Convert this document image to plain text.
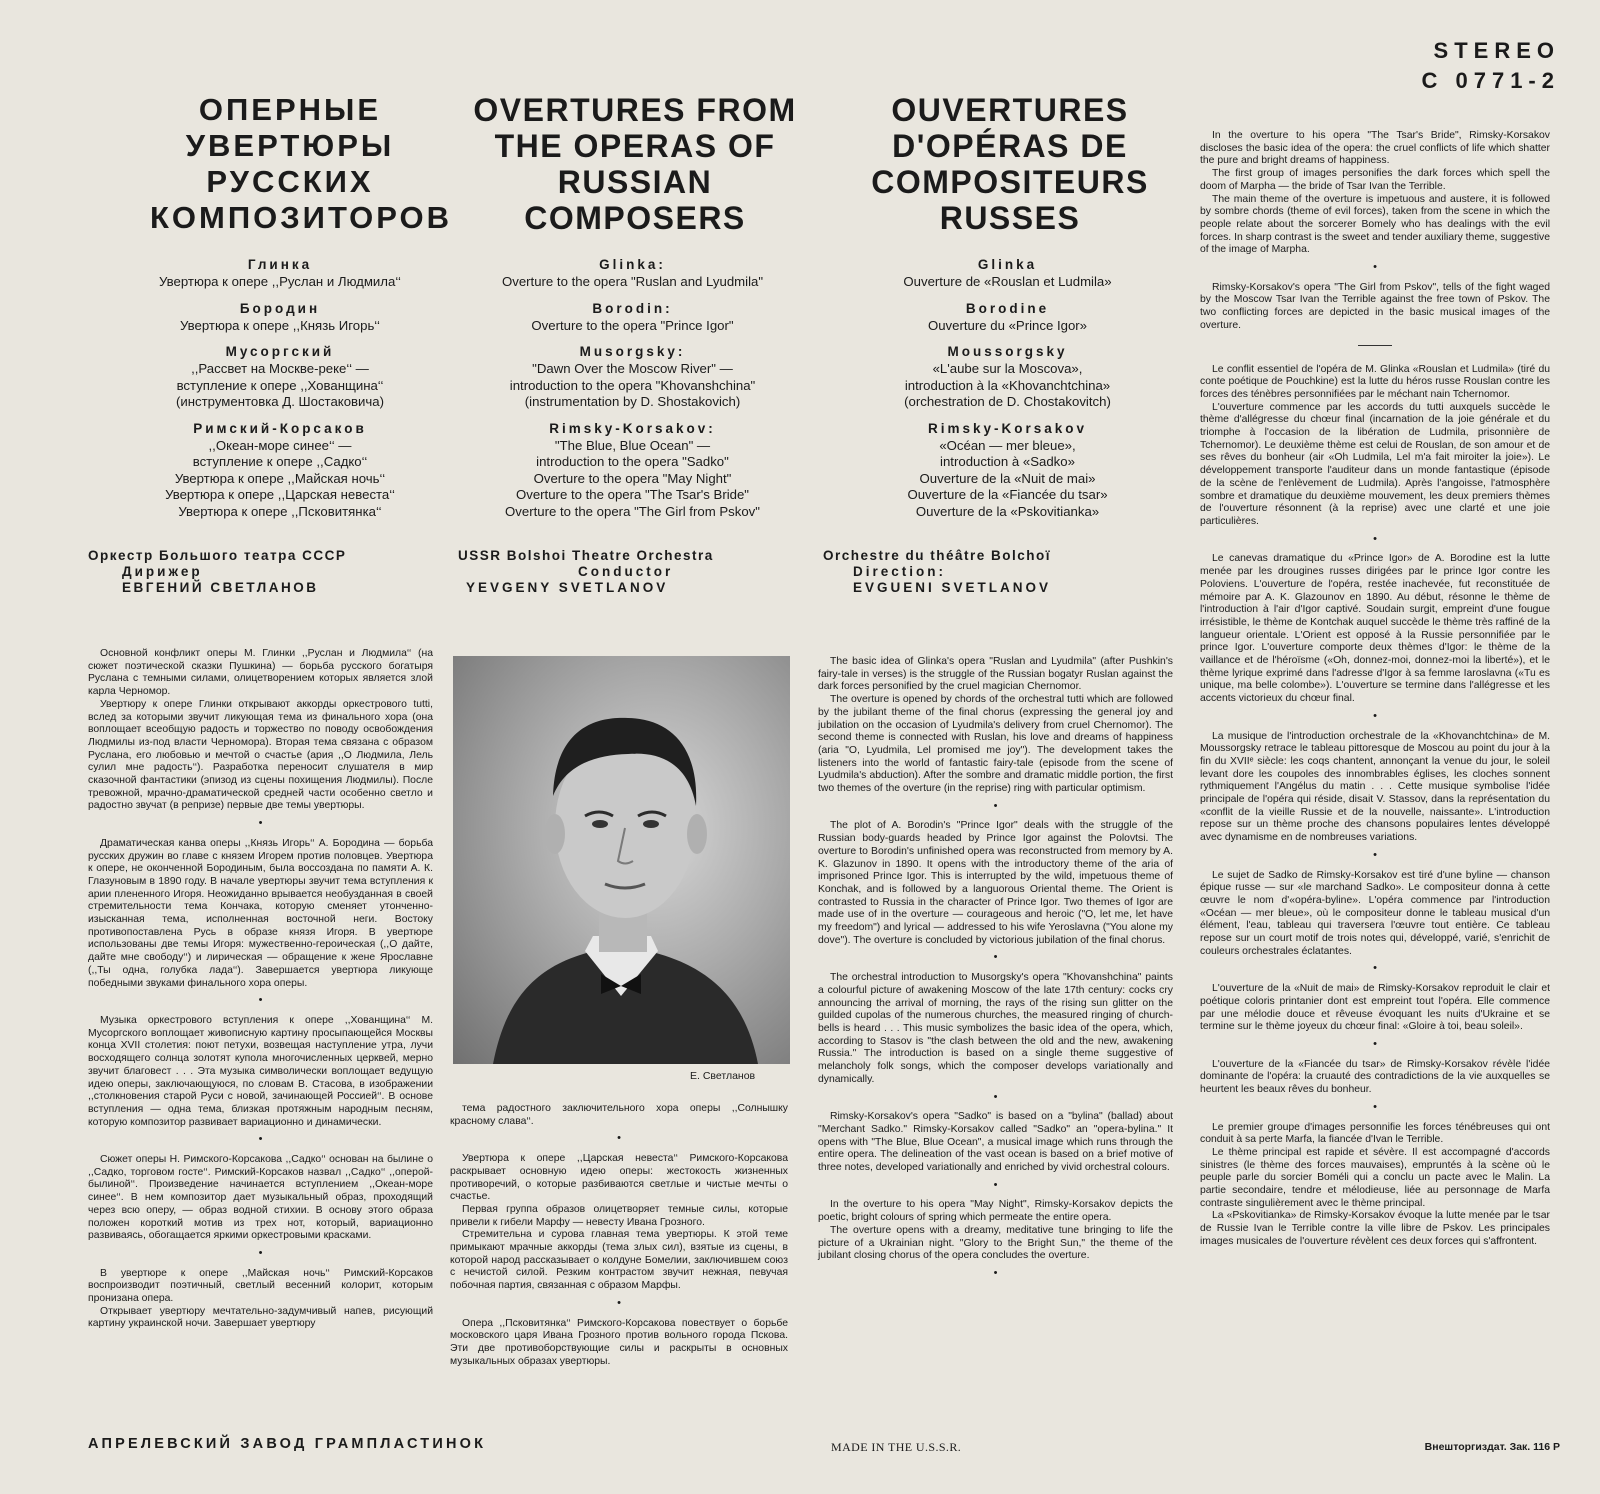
STEREO
C 0771-2
ОПЕРНЫЕ УВЕРТЮРЫ РУССКИХ КОМПОЗИТОРОВ
OVERTURES FROM THE OPERAS OF RUSSIAN COMPOSERS
OUVERTURES D'OPÉRAS DE COMPOSITEURS RUSSES
Глинка
Увертюра к опере ,,Руслан и Людмила‘‘
Бородин
Увертюра к опере ,,Князь Игорь‘‘
Мусоргский
,,Рассвет на Москве-реке‘‘ —
вступление к опере ,,Хованщина‘‘
(инструментовка Д. Шостаковича)
Римский-Корсаков
,,Океан-море синее‘‘ —
вступление к опере ,,Садко‘‘
Увертюра к опере ,,Майская ночь‘‘
Увертюра к опере ,,Царская невеста‘‘
Увертюра к опере ,,Псковитянка‘‘
Glinka:
Overture to the opera "Ruslan and Lyudmila"
Borodin:
Overture to the opera "Prince Igor"
Musorgsky:
"Dawn Over the Moscow River" —
introduction to the opera "Khovanshchina"
(instrumentation by D. Shostakovich)
Rimsky-Korsakov:
"The Blue, Blue Ocean" —
introduction to the opera "Sadko"
Overture to the opera "May Night"
Overture to the opera "The Tsar's Bride"
Overture to the opera "The Girl from Pskov"
Glinka
Ouverture de «Rouslan et Ludmila»
Borodine
Ouverture du «Prince Igor»
Moussorgsky
«L'aube sur la Moscova»,
introduction à la «Khovanchtchina»
(orchestration de D. Chostakovitch)
Rimsky-Korsakov
«Océan — mer bleue»,
introduction à «Sadko»
Ouverture de la «Nuit de mai»
Ouverture de la «Fiancée du tsar»
Ouverture de la «Pskovitianka»
Оркестр Большого театра СССР
Дирижер
ЕВГЕНИЙ СВЕТЛАНОВ
USSR Bolshoi Theatre Orchestra
Conductor
YEVGENY SVETLANOV
Orchestre du théâtre Bolchoï
Direction:
EVGUENI SVETLANOV

Основной конфликт оперы М. Глинки ,,Руслан и Людмила‘‘ (на сюжет поэтической сказки Пушкина) — борьба русского богатыря Руслана с темными силами, олицетворением которых является злой карла Черномор.

Увертюру к опере Глинки открывают аккорды оркестрового tutti, вслед за которыми звучит ликующая тема из финального хора (она воплощает всеобщую радость и торжество по поводу освобождения Людмилы из-под власти Черномора). Вторая тема связана с образом Руслана, его любовью и мечтой о счастье (ария ,,О Людмила, Лель сулил мне радость‘‘). Разработка переносит слушателя в мир сказочной фантастики (эпизод из сцены похищения Людмилы). После тревожной, мрачно-драматической средней части особенно светло и радостно звучат (в репризе) первые две темы увертюры.

•

Драматическая канва оперы ,,Князь Игорь‘‘ А. Бородина — борьба русских дружин во главе с князем Игорем против половцев. Увертюра к опере, не оконченной Бородиным, была воссоздана по памяти А. К. Глазуновым в 1890 году. В начале увертюры звучит тема вступления к арии плененного Игоря. Неожиданно врывается необузданная в своей стремительности тема Кончака, которую сменяет утонченно-изысканная тема, исполненная восточной неги. Востоку противопоставлена Русь в образе князя Игоря. В увертюре использованы две темы Игоря: мужественно-героическая (,,О дайте, дайте мне свободу‘‘) и лирическая — обращение к жене Ярославне (,,Ты одна, голубка лада‘‘). Завершается увертюра ликующе победными звуками финального хора оперы.

•

Музыка оркестрового вступления к опере ,,Хованщина‘‘ М. Мусоргского воплощает живописную картину просыпающейся Москвы конца XVII столетия: поют петухи, возвещая наступление утра, лучи восходящего солнца золотят купола многочисленных церквей, мерно звучит благовест . . . Эта музыка символически воплощает ведущую идею оперы, заключающуюся, по словам В. Стасова, в изображении ,,столкновения старой Руси с новой, зачинающей Россией‘‘. В основе вступления — одна тема, близкая протяжным народным песням, которую композитор развивает вариационно и динамически.

•

Сюжет оперы Н. Римского-Корсакова ,,Садко‘‘ основан на былине о ,,Садко, торговом госте‘‘. Римский-Корсаков назвал ,,Садко‘‘ ,,оперой-былиной‘‘. Произведение начинается вступлением ,,Океан-море синее‘‘. В нем композитор дает музыкальный образ, проходящий через всю оперу, — образ водной стихии. В основу этого образа положен короткий мотив из трех нот, который, вариационно развиваясь, обогащается яркими оркестровыми красками.

•

В увертюре к опере ,,Майская ночь‘‘ Римский-Корсаков воспроизводит поэтичный, светлый весенний колорит, которым пронизана опера.

Открывает увертюру мечтательно-задумчивый напев, рисующий картину украинской ночи. Завершает увертюру

Е. Светланов

тема радостного заключительного хора оперы ,,Солнышку красному слава‘‘.

•

Увертюра к опере ,,Царская невеста‘‘ Римского-Корсакова раскрывает основную идею оперы: жестокость жизненных противоречий, о которые разбиваются светлые и чистые мечты о счастье.

Первая группа образов олицетворяет темные силы, которые привели к гибели Марфу — невесту Ивана Грозного.

Стремительна и сурова главная тема увертюры. К этой теме примыкают мрачные аккорды (тема злых сил), взятые из сцены, в которой народ рассказывает о колдуне Бомелии, заключившем союз с нечистой силой. Резким контрастом звучит нежная, певучая побочная партия, связанная с образом Марфы.

•

Опера ,,Псковитянка‘‘ Римского-Корсакова повествует о борьбе московского царя Ивана Грозного против вольного города Пскова. Эти две противоборствующие силы и раскрыты в основных музыкальных образах увертюры.

The basic idea of Glinka's opera "Ruslan and Lyudmila" (after Pushkin's fairy-tale in verses) is the struggle of the Russian bogatyr Ruslan against the dark forces personified by the cruel magician Chernomor.

The overture is opened by chords of the orchestral tutti which are followed by the jubilant theme of the final chorus (expressing the general joy and jubilation on the occasion of Lyudmila's delivery from cruel Chernomor). The second theme is connected with Ruslan, his love and dreams of happiness (aria "O, Lyudmila, Lel promised me joy"). The development takes the listeners into the world of fantastic fairy-tale (episode from the scene of Lyudmila's abduction). After the sombre and dramatic middle portion, the first two themes of the overture (in the reprise) ring with particular optimism.

•

The plot of A. Borodin's "Prince Igor" deals with the struggle of the Russian body-guards headed by Prince Igor against the Polovtsi. The overture to Borodin's unfinished opera was reconstructed from memory by A. K. Glazunov in 1890. It opens with the introductory theme of the aria of imprisoned Prince Igor. This is interrupted by the wild, impetuous theme of Konchak, and is followed by a languorous Oriental theme. The Orient is contrasted to Russia in the character of Prince Igor. Two themes of Igor are made use of in the overture — courageous and heroic ("O, let me, let have my freedom") and lyrical — addressed to his wife Yeroslavna ("You alone my dove"). The overture is concluded by victorious jubilation of the final chorus.

•

The orchestral introduction to Musorgsky's opera "Khovanshchina" paints a colourful picture of awakening Moscow of the late 17th century: cocks cry announcing the arrival of morning, the rays of the rising sun glitter on the guilded cupolas of the numerous churches, the measured ringing of church-bells is heard . . . This music symbolizes the basic idea of the opera, which, according to Stasov is "the clash between the old and the new, awakening Russia." The introduction is based on a single theme suggestive of melancholy folk songs, which the composer develops variationally and dynamically.

•

Rimsky-Korsakov's opera "Sadko" is based on a "bylina" (ballad) about "Merchant Sadko." Rimsky-Korsakov called "Sadko" an "opera-bylina." It opens with "The Blue, Blue Ocean", a musical image which runs through the entire opera. The delineation of the vast ocean is based on a brief motive of three notes, developed variationally and enriched by vivid orchestral colours.

•

In the overture to his opera "May Night", Rimsky-Korsakov depicts the poetic, bright colours of spring which permeate the entire opera.

The overture opens with a dreamy, meditative tune bringing to life the picture of a Ukrainian night. "Glory to the Bright Sun," the theme of the jubilant closing chorus of the opera concludes the overture.

•

In the overture to his opera "The Tsar's Bride", Rimsky-Korsakov discloses the basic idea of the opera: the cruel conflicts of life which shatter the pure and bright dreams of happiness.

The first group of images personifies the dark forces which spell the doom of Marpha — the bride of Tsar Ivan the Terrible.

The main theme of the overture is impetuous and austere, it is followed by sombre chords (theme of evil forces), taken from the scene in which the people relate about the sorcerer Bomely who has dealings with the evil forces. In sharp contrast is the sweet and tender auxiliary theme, suggestive of the image of Marpha.

•

Rimsky-Korsakov's opera "The Girl from Pskov", tells of the fight waged by the Moscow Tsar Ivan the Terrible against the free town of Pskov. The two conflicting forces are depicted in the basic musical images of the overture.

Le conflit essentiel de l'opéra de M. Glinka «Rouslan et Ludmila» (tiré du conte poétique de Pouchkine) est la lutte du héros russe Rouslan contre les forces des ténèbres personnifiées par le méchant nain Tchernomor.

L'ouverture commence par les accords du tutti auxquels succède le thème d'allégresse du chœur final (incarnation de la joie générale et du triomphe à l'occasion de la libération de Ludmila, prisonnière de Tchernomor). Le deuxième thème est celui de Rouslan, de son amour et de ses rêves du bonheur (air «Oh Ludmila, Lel m'a fait miroiter la joie»). Le développement transporte l'auditeur dans un monde fantastique (épisode de la scène de l'enlèvement de Ludmila). Après l'angoisse, l'atmosphère sombre et dramatique du deuxième mouvement, les deux premiers thèmes de l'ouverture résonnent (à la reprise) avec une clarté et une joie particulières.

•

Le canevas dramatique du «Prince Igor» de A. Borodine est la lutte menée par les drougines russes dirigées par le prince Igor contre les Poloviens. L'ouverture de l'opéra, restée inachevée, fut reconstituée de mémoire par A. K. Glazounov en 1890. Au début, résonne le thème de l'introduction à l'air d'Igor captivé. Soudain surgit, empreint d'une fougue irrésistible, le thème de Kontchak auquel succède le thème très raffiné de la langueur orientale. L'Orient est opposé à la Russie personnifiée par le prince Igor. L'ouverture comporte deux thèmes d'Igor: le thème de la vaillance et de l'héroïsme («Oh, donnez-moi, donnez-moi la liberté»), et le thème lyrique exprimé dans l'adresse d'Igor à sa femme Iaroslavna («Tu es unique, ma belle colombe»). L'ouverture se termine dans l'allégresse et les accents victorieux du chœur final.

•

La musique de l'introduction orchestrale de la «Khovanchtchina» de M. Moussorgsky retrace le tableau pittoresque de Moscou au point du jour à la fin du XVIIᵉ siècle: les coqs chantent, annonçant la venue du jour, le soleil levant dore les coupoles des innombrables églises, les cloches sonnent rythmiquement l'Angélus du matin . . . Cette musique symbolise l'idée principale de l'opéra qui réside, disait V. Stassov, dans la représentation du «conflit de la vieille Russie et de la nouvelle, naissante». L'introduction repose sur un thème proche des chansons populaires lentes développé avec dynamisme en de nombreuses variations.

•

Le sujet de Sadko de Rimsky-Korsakov est tiré d'une byline — chanson épique russe — sur «le marchand Sadko». Le compositeur donna à cette œuvre le nom d'«opéra-byline». L'opéra commence par l'introduction «Océan — mer bleue», où le compositeur donne le tableau musical d'un élément, l'eau, tableau qui traversera l'œuvre tout entière. Ce tableau repose sur un court motif de trois notes qui, développé, varié, s'enrichit de couleurs orchestrales éclatantes.

•

L'ouverture de la «Nuit de mai» de Rimsky-Korsakov reproduit le clair et poétique coloris printanier dont est empreint tout l'opéra. Elle commence par une mélodie douce et rêveuse évoquant les nuits d'Ukraine et se termine sur le thème joyeux du chœur final: «Gloire à toi, beau soleil».

•

L'ouverture de la «Fiancée du tsar» de Rimsky-Korsakov révèle l'idée dominante de l'opéra: la cruauté des contradictions de la vie auxquelles se heurtent les beaux rêves du bonheur.

•

Le premier groupe d'images personnifie les forces ténébreuses qui ont conduit à sa perte Marfa, la fiancée d'Ivan le Terrible.

Le thème principal est rapide et sévère. Il est accompagné d'accords sinistres (le thème des forces mauvaises), empruntés à la scène où le peuple parle du sorcier Boméli qui a conclu un pacte avec le Malin. La partie secondaire, tendre et mélodieuse, liée au personnage de Marfa contraste singulièrement avec le thème principal.

La «Pskovitianka» de Rimsky-Korsakov évoque la lutte menée par le tsar de Russie Ivan le Terrible contre la ville libre de Pskov. Les principales images musicales de l'ouverture révèlent ces deux forces qui s'affrontent.

АПРЕЛЕВСКИЙ ЗАВОД ГРАМПЛАСТИНОК	MADE IN THE U.S.S.R.	Внешторгиздат. Зак. 116 Р
